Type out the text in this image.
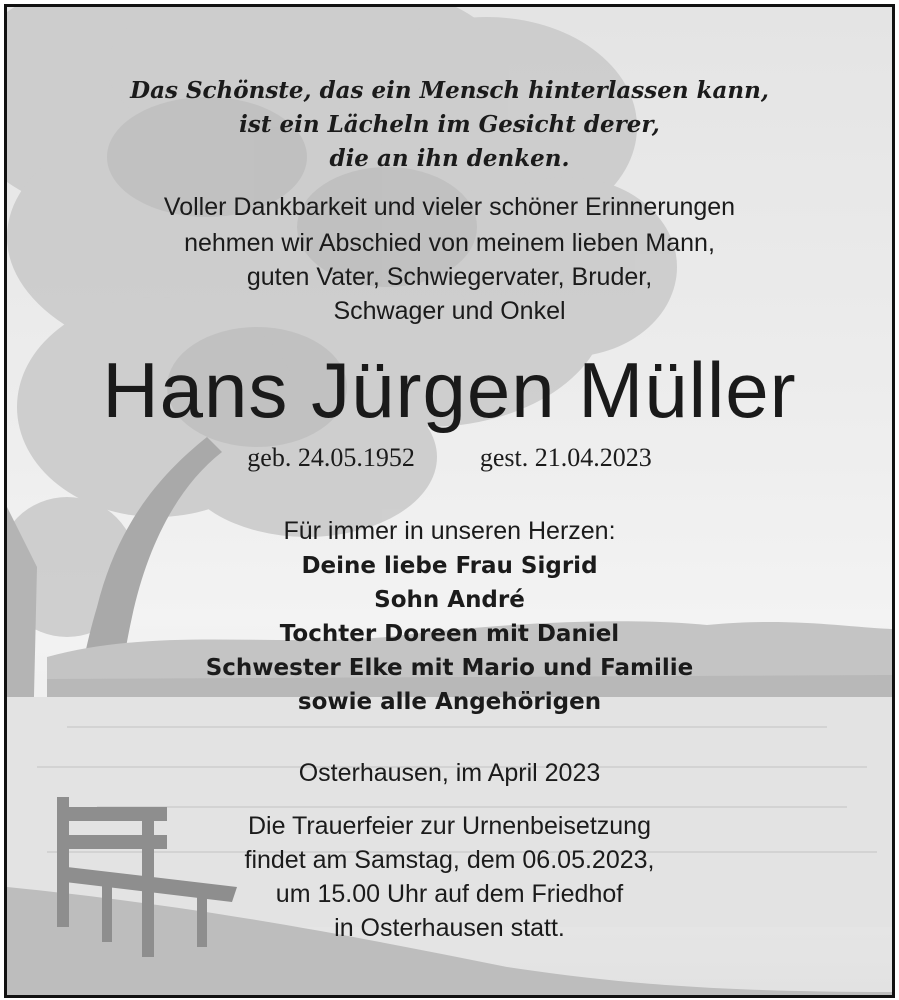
Das Schönste, das ein Mensch hinterlassen kann,
ist ein Lächeln im Gesicht derer,
die an ihn denken.
Voller Dankbarkeit und vieler schöner Erinnerungen
nehmen wir Abschied von meinem lieben Mann,
guten Vater, Schwiegervater, Bruder,
Schwager und Onkel
Hans Jürgen Müller
geb. 24.05.1952	gest. 21.04.2023
Für immer in unseren Herzen:
Deine liebe Frau Sigrid
Sohn André
Tochter Doreen mit Daniel
Schwester Elke mit Mario und Familie
sowie alle Angehörigen
Osterhausen, im April 2023
Die Trauerfeier zur Urnenbeisetzung
findet am Samstag, dem 06.05.2023,
um 15.00 Uhr auf dem Friedhof
in Osterhausen statt.
